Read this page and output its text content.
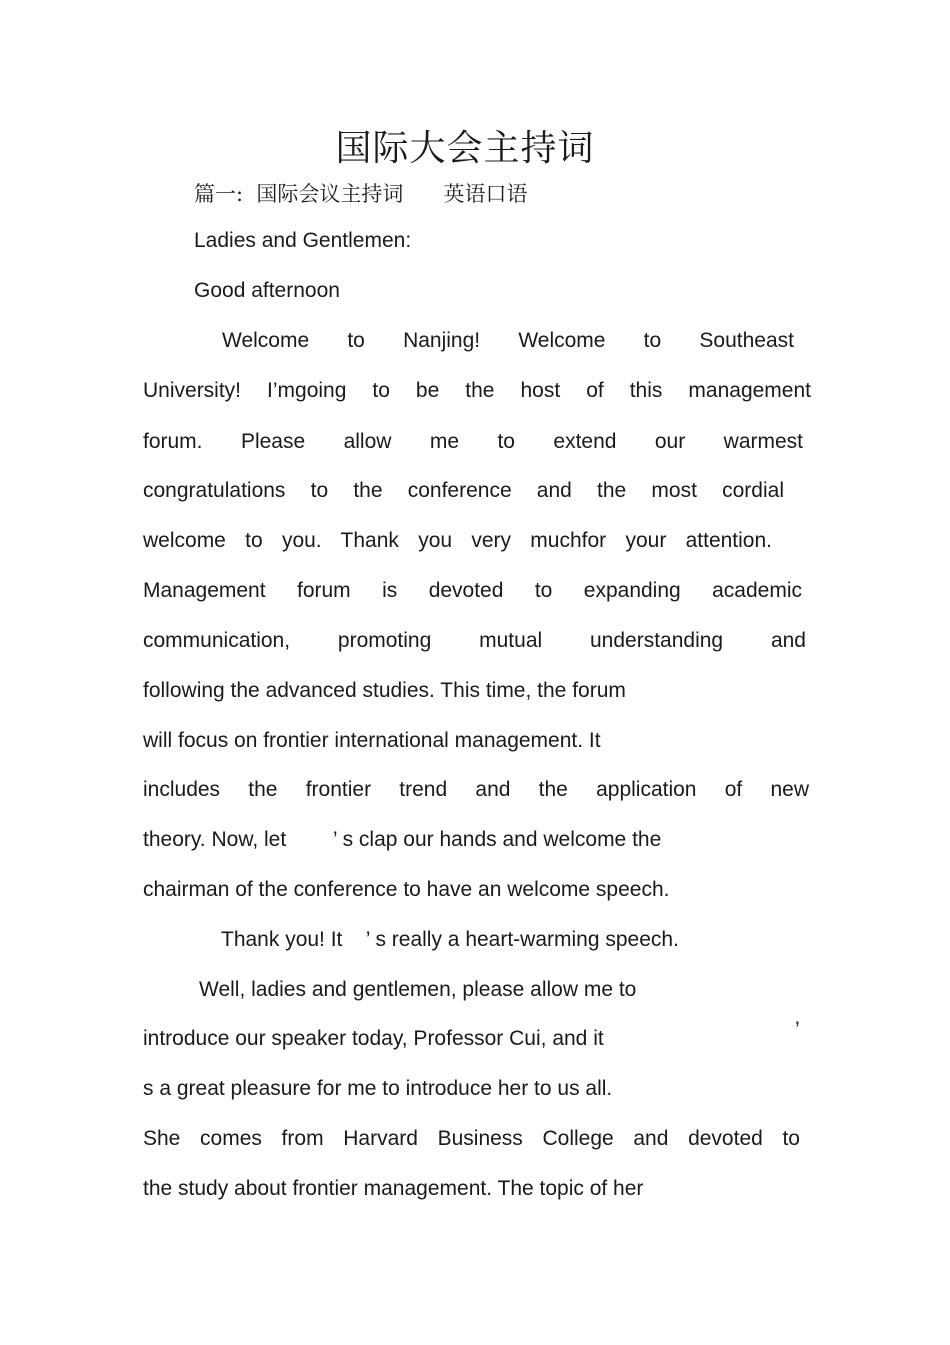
国际大会主持词
篇一:  国际会议主持词      英语口语
Ladies and Gentlemen:
Good afternoon
Welcome to Nanjing! Welcome to Southeast
University! I’mgoing to be the host of this management
forum. Please allow me to extend our warmest
congratulations to the conference and the most cordial
welcome to you. Thank you very muchfor your attention.
Management forum is devoted to expanding academic
communication, promoting mutual understanding and
following the advanced studies. This time, the forum
will focus on frontier international management. It
includes the frontier trend and the application of new
theory. Now, let        ’ s clap our hands and welcome the
chairman of the conference to have an welcome speech.
Thank you! It    ’ s really a heart-warming speech.
Well, ladies and gentlemen, please allow me to
introduce our speaker today, Professor Cui, and it	’
s a great pleasure for me to introduce her to us all.
She comes from Harvard Business College and devoted to
the study about frontier management. The topic of her
